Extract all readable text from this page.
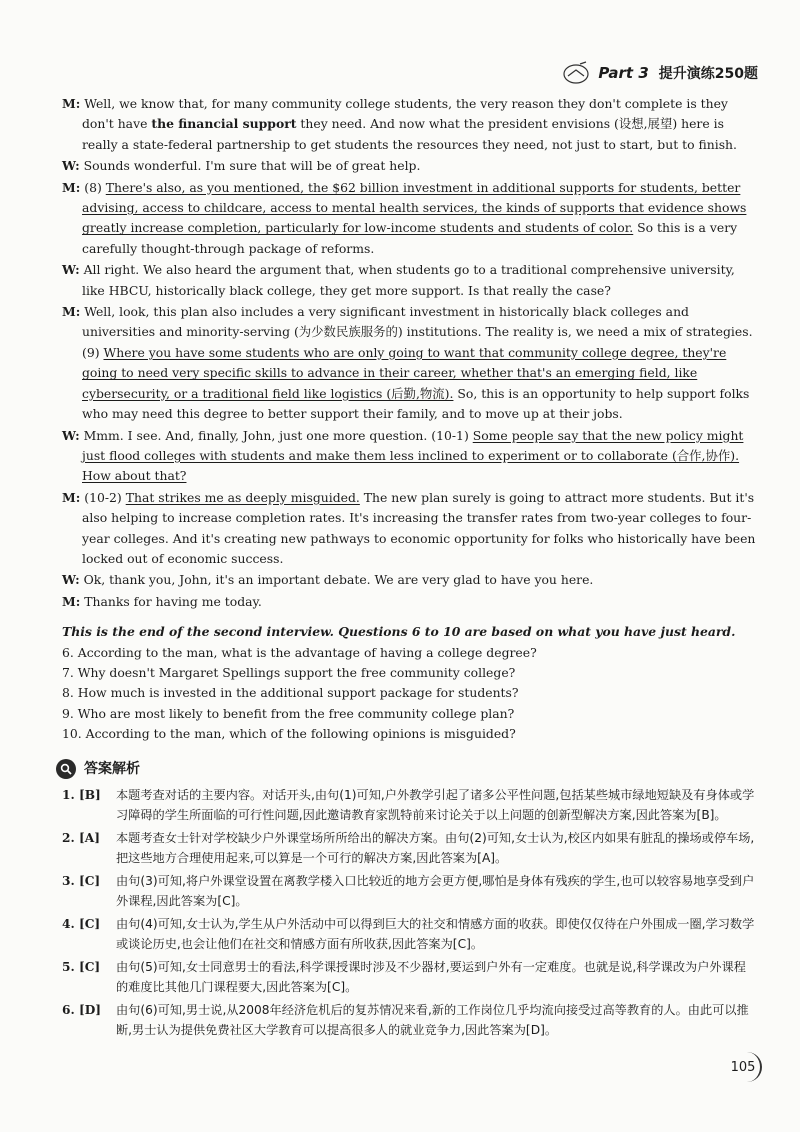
Part 3 提升演练250题

M: Well, we know that, for many community college students, the very reason they don't complete is they don't have the financial support they need. And now what the president envisions (设想,展望) here is really a state-federal partnership to get students the resources they need, not just to start, but to finish.

W: Sounds wonderful. I'm sure that will be of great help.

M: (8) There's also, as you mentioned, the $62 billion investment in additional supports for students, better advising, access to childcare, access to mental health services, the kinds of supports that evidence shows greatly increase completion, particularly for low-income students and students of color. So this is a very carefully thought-through package of reforms.

W: All right. We also heard the argument that, when students go to a traditional comprehensive university, like HBCU, historically black college, they get more support. Is that really the case?

M: Well, look, this plan also includes a very significant investment in historically black colleges and universities and minority-serving (为少数民族服务的) institutions. The reality is, we need a mix of strategies. (9) Where you have some students who are only going to want that community college degree, they're going to need very specific skills to advance in their career, whether that's an emerging field, like cybersecurity, or a traditional field like logistics (后勤,物流). So, this is an opportunity to help support folks who may need this degree to better support their family, and to move up at their jobs.

W: Mmm. I see. And, finally, John, just one more question. (10-1) Some people say that the new policy might just flood colleges with students and make them less inclined to experiment or to collaborate (合作,协作). How about that?

M: (10-2) That strikes me as deeply misguided. The new plan surely is going to attract more students. But it's also helping to increase completion rates. It's increasing the transfer rates from two-year colleges to four-year colleges. And it's creating new pathways to economic opportunity for folks who historically have been locked out of economic success.

W: Ok, thank you, John, it's an important debate. We are very glad to have you here.

M: Thanks for having me today.

This is the end of the second interview. Questions 6 to 10 are based on what you have just heard.

6. According to the man, what is the advantage of having a college degree?

7. Why doesn't Margaret Spellings support the free community college?

8. How much is invested in the additional support package for students?

9. Who are most likely to benefit from the free community college plan?

10. According to the man, which of the following opinions is misguided?

答案解析
1. [B]	本题考查对话的主要内容。对话开头,由句(1)可知,户外教学引起了诸多公平性问题,包括某些城市绿地短缺及有身体或学习障碍的学生所面临的可行性问题,因此邀请教育家凯特前来讨论关于以上问题的创新型解决方案,因此答案为[B]。
2. [A]	本题考查女士针对学校缺少户外课堂场所所给出的解决方案。由句(2)可知,女士认为,校区内如果有脏乱的操场或停车场,把这些地方合理使用起来,可以算是一个可行的解决方案,因此答案为[A]。
3. [C]	由句(3)可知,将户外课堂设置在离教学楼入口比较近的地方会更方便,哪怕是身体有残疾的学生,也可以较容易地享受到户外课程,因此答案为[C]。
4. [C]	由句(4)可知,女士认为,学生从户外活动中可以得到巨大的社交和情感方面的收获。即使仅仅待在户外围成一圈,学习数学或谈论历史,也会让他们在社交和情感方面有所收获,因此答案为[C]。
5. [C]	由句(5)可知,女士同意男士的看法,科学课授课时涉及不少器材,要运到户外有一定难度。也就是说,科学课改为户外课程的难度比其他几门课程要大,因此答案为[C]。
6. [D]	由句(6)可知,男士说,从2008年经济危机后的复苏情况来看,新的工作岗位几乎均流向接受过高等教育的人。由此可以推断,男士认为提供免费社区大学教育可以提高很多人的就业竞争力,因此答案为[D]。
105
